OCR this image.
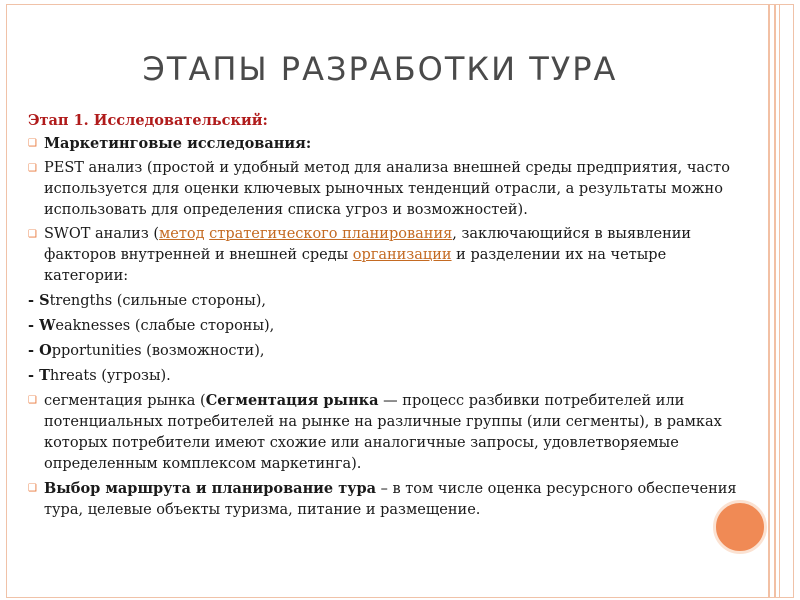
ЭТАПЫ РАЗРАБОТКИ ТУРА
Этап 1. Исследовательский:
❑ Маркетинговые исследования:
❑ PEST анализ (простой и удобный метод для анализа внешней среды предприятия, часто используется для оценки ключевых рыночных тенденций отрасли, а результаты можно использовать для определения списка угроз и возможностей).
❑ SWOT анализ (метод стратегического планирования, заключающийся в выявлении факторов внутренней и внешней среды организации и разделении их на четыре категории:
- Strengths (сильные стороны),
- Weaknesses (слабые стороны),
- Opportunities (возможности),
- Threats (угрозы).
❑ сегментация рынка (Сегментация рынка — процесс разбивки потребителей или потенциальных потребителей на рынке на различные группы (или сегменты), в рамках которых потребители имеют схожие или аналогичные запросы, удовлетворяемые определенным комплексом маркетинга).
❑ Выбор маршрута и планирование тура – в том числе оценка ресурсного обеспечения тура, целевые объекты туризма, питание и размещение.
